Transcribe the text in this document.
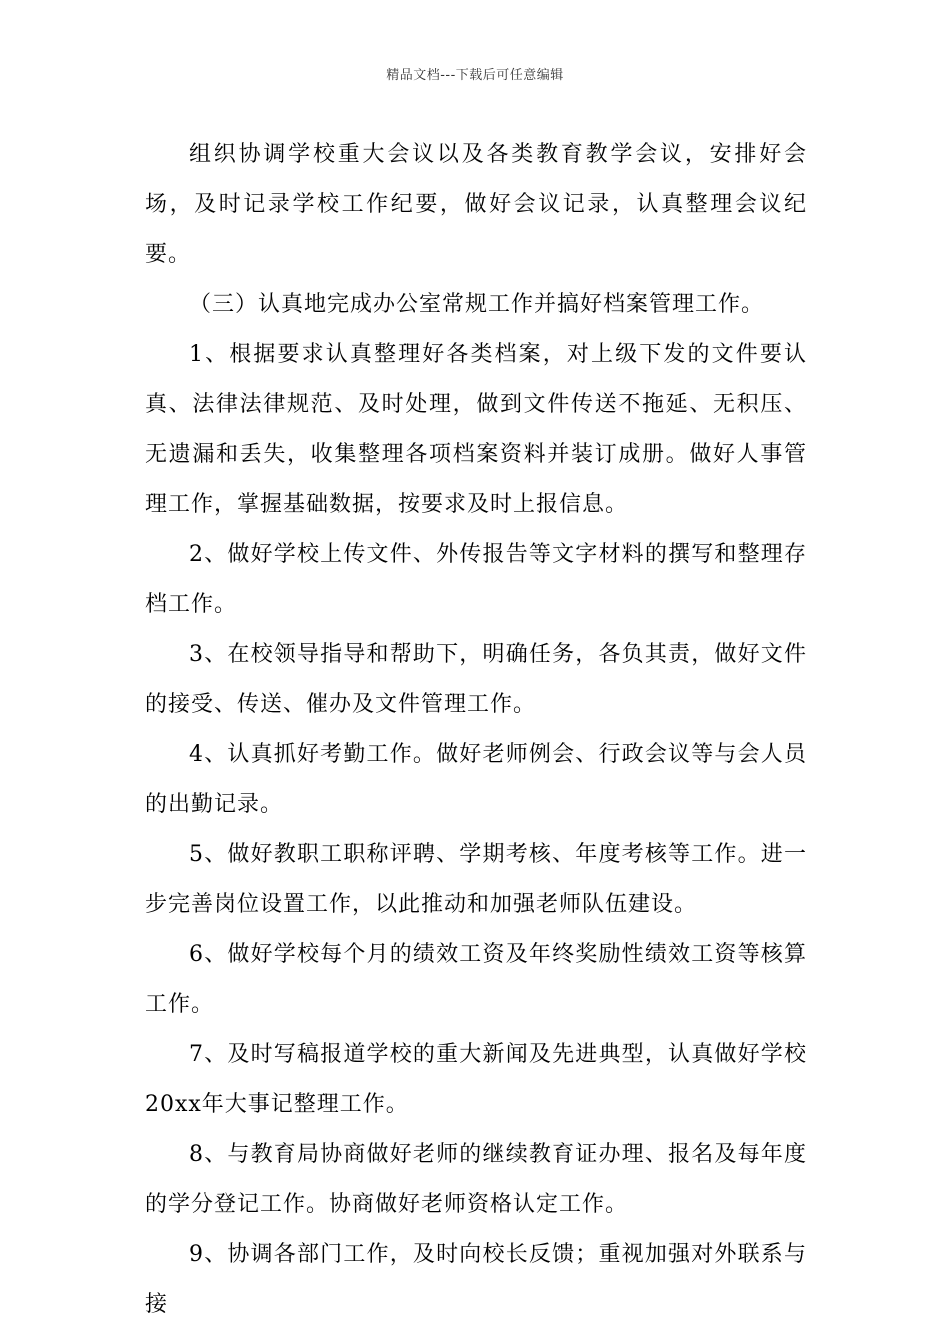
精品文档---下载后可任意编辑

组织协调学校重大会议以及各类教育教学会议，安排好会场，及时记录学校工作纪要，做好会议记录，认真整理会议纪要。

（三）认真地完成办公室常规工作并搞好档案管理工作。

1、根据要求认真整理好各类档案，对上级下发的文件要认真、法律法律规范、及时处理，做到文件传送不拖延、无积压、无遗漏和丢失，收集整理各项档案资料并装订成册。做好人事管理工作，掌握基础数据，按要求及时上报信息。

2、做好学校上传文件、外传报告等文字材料的撰写和整理存档工作。

3、在校领导指导和帮助下，明确任务，各负其责，做好文件的接受、传送、催办及文件管理工作。

4、认真抓好考勤工作。做好老师例会、行政会议等与会人员的出勤记录。

5、做好教职工职称评聘、学期考核、年度考核等工作。进一步完善岗位设置工作，以此推动和加强老师队伍建设。

6、做好学校每个月的绩效工资及年终奖励性绩效工资等核算工作。

7、及时写稿报道学校的重大新闻及先进典型，认真做好学校20xx年大事记整理工作。

8、与教育局协商做好老师的继续教育证办理、报名及每年度的学分登记工作。协商做好老师资格认定工作。

9、协调各部门工作，及时向校长反馈；重视加强对外联系与接
